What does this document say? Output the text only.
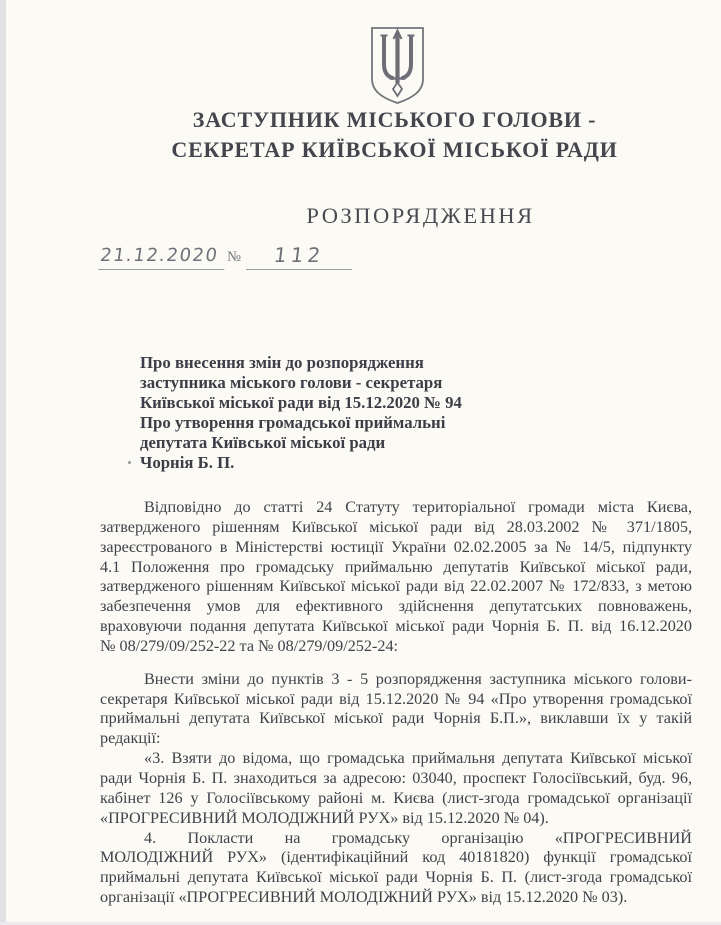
ЗАСТУПНИК МІСЬКОГО ГОЛОВИ -
СЕКРЕТАР КИЇВСЬКОЇ МІСЬКОЇ РАДИ
РОЗПОРЯДЖЕННЯ
21.12.2020 № 112
Про внесення змін до розпорядження
заступника міського голови - секретаря
Київської міської ради від 15.12.2020 № 94
Про утворення громадської приймальні
депутата Київської міської ради
Чорнія Б. П.
Відповідно до статті 24 Статуту територіальної громади міста Києва,
затвердженого рішенням Київської міської ради від 28.03.2002 № 371/1805,
зареєстрованого в Міністерстві юстиції України 02.02.2005 за № 14/5, підпункту
4.1 Положення про громадську приймальню депутатів Київської міської ради,
затвердженого рішенням Київської міської ради від 22.02.2007 № 172/833, з метою
забезпечення умов для ефективного здійснення депутатських повноважень,
враховуючи подання депутата Київської міської ради Чорнія Б. П. від 16.12.2020
№ 08/279/09/252-22 та № 08/279/09/252-24:
Внести зміни до пунктів 3 - 5 розпорядження заступника міського голови-
секретаря Київської міської ради від 15.12.2020 № 94 «Про утворення громадської
приймальні депутата Київської міської ради Чорнія Б.П.», виклавши їх у такій
редакції:
«3. Взяти до відома, що громадська приймальня депутата Київської міської
ради Чорнія Б. П. знаходиться за адресою: 03040, проспект Голосіївський, буд. 96,
кабінет 126 у Голосіївському районі м. Києва (лист-згода громадської організації
«ПРОГРЕСИВНИЙ МОЛОДІЖНИЙ РУХ» від 15.12.2020 № 04).
4. Покласти на громадську організацію «ПРОГРЕСИВНИЙ
МОЛОДІЖНИЙ РУХ» (ідентифікаційний код 40181820) функції громадської
приймальні депутата Київської міської ради Чорнія Б. П. (лист-згода громадської
організації «ПРОГРЕСИВНИЙ МОЛОДІЖНИЙ РУХ» від 15.12.2020 № 03).
